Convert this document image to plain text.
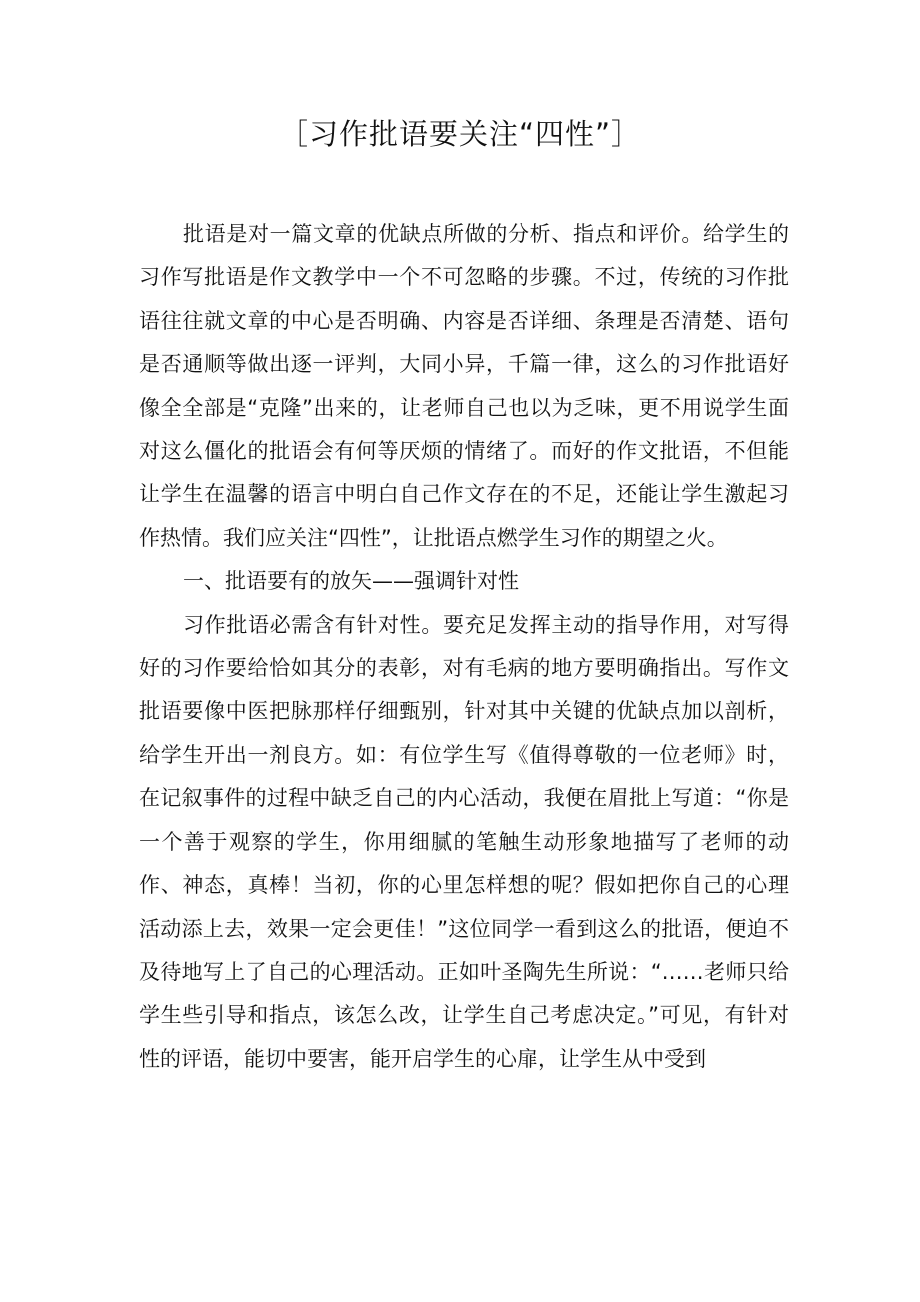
［习作批语要关注“四性”］

批语是对一篇文章的优缺点所做的分析、指点和评价。给学生的习作写批语是作文教学中一个不可忽略的步骤。不过，传统的习作批语往往就文章的中心是否明确、内容是否详细、条理是否清楚、语句是否通顺等做出逐一评判，大同小异，千篇一律，这么的习作批语好像全全部是“克隆”出来的，让老师自己也以为乏味，更不用说学生面对这么僵化的批语会有何等厌烦的情绪了。而好的作文批语，不但能让学生在温馨的语言中明白自己作文存在的不足，还能让学生激起习作热情。我们应关注“四性”，让批语点燃学生习作的期望之火。

一、批语要有的放矢——强调针对性

习作批语必需含有针对性。要充足发挥主动的指导作用，对写得好的习作要给恰如其分的表彰，对有毛病的地方要明确指出。写作文批语要像中医把脉那样仔细甄别，针对其中关键的优缺点加以剖析，给学生开出一剂良方。如：有位学生写《值得尊敬的一位老师》时，在记叙事件的过程中缺乏自己的内心活动，我便在眉批上写道：“你是一个善于观察的学生，你用细腻的笔触生动形象地描写了老师的动作、神态，真棒！当初，你的心里怎样想的呢？假如把你自己的心理活动添上去，效果一定会更佳！”这位同学一看到这么的批语，便迫不及待地写上了自己的心理活动。正如叶圣陶先生所说：“……老师只给学生些引导和指点，该怎么改，让学生自己考虑决定。”可见，有针对性的评语，能切中要害，能开启学生的心扉，让学生从中受到
